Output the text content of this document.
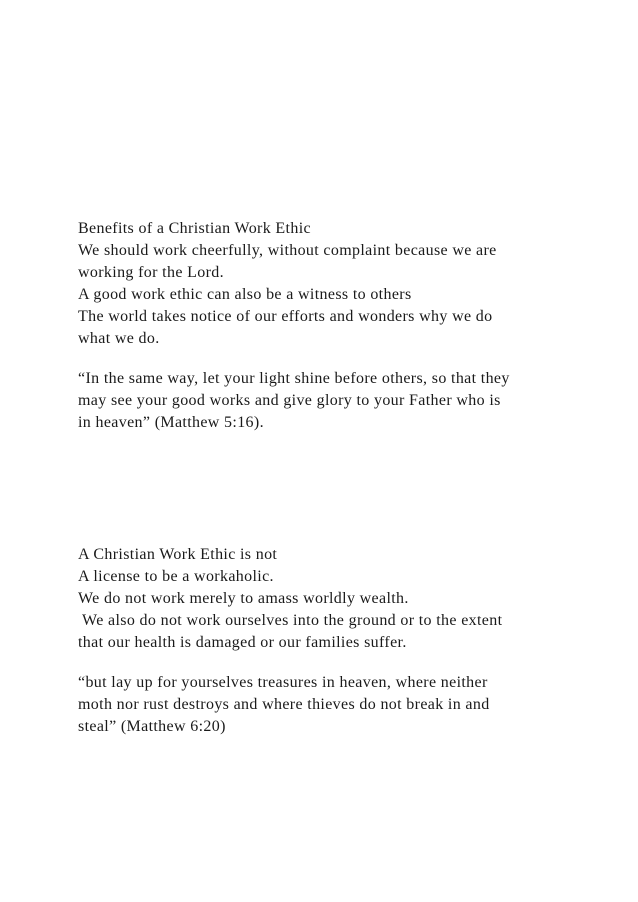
Benefits of a Christian Work Ethic
We should work cheerfully, without complaint because we are
working for the Lord.
A good work ethic can also be a witness to others
The world takes notice of our efforts and wonders why we do
what we do.
“In the same way, let your light shine before others, so that they
may see your good works and give glory to your Father who is
in heaven” (Matthew 5:16).
A Christian Work Ethic is not
A license to be a workaholic.
We do not work merely to amass worldly wealth.
We also do not work ourselves into the ground or to the extent
that our health is damaged or our families suffer.
“but lay up for yourselves treasures in heaven, where neither
moth nor rust destroys and where thieves do not break in and
steal” (Matthew 6:20)
